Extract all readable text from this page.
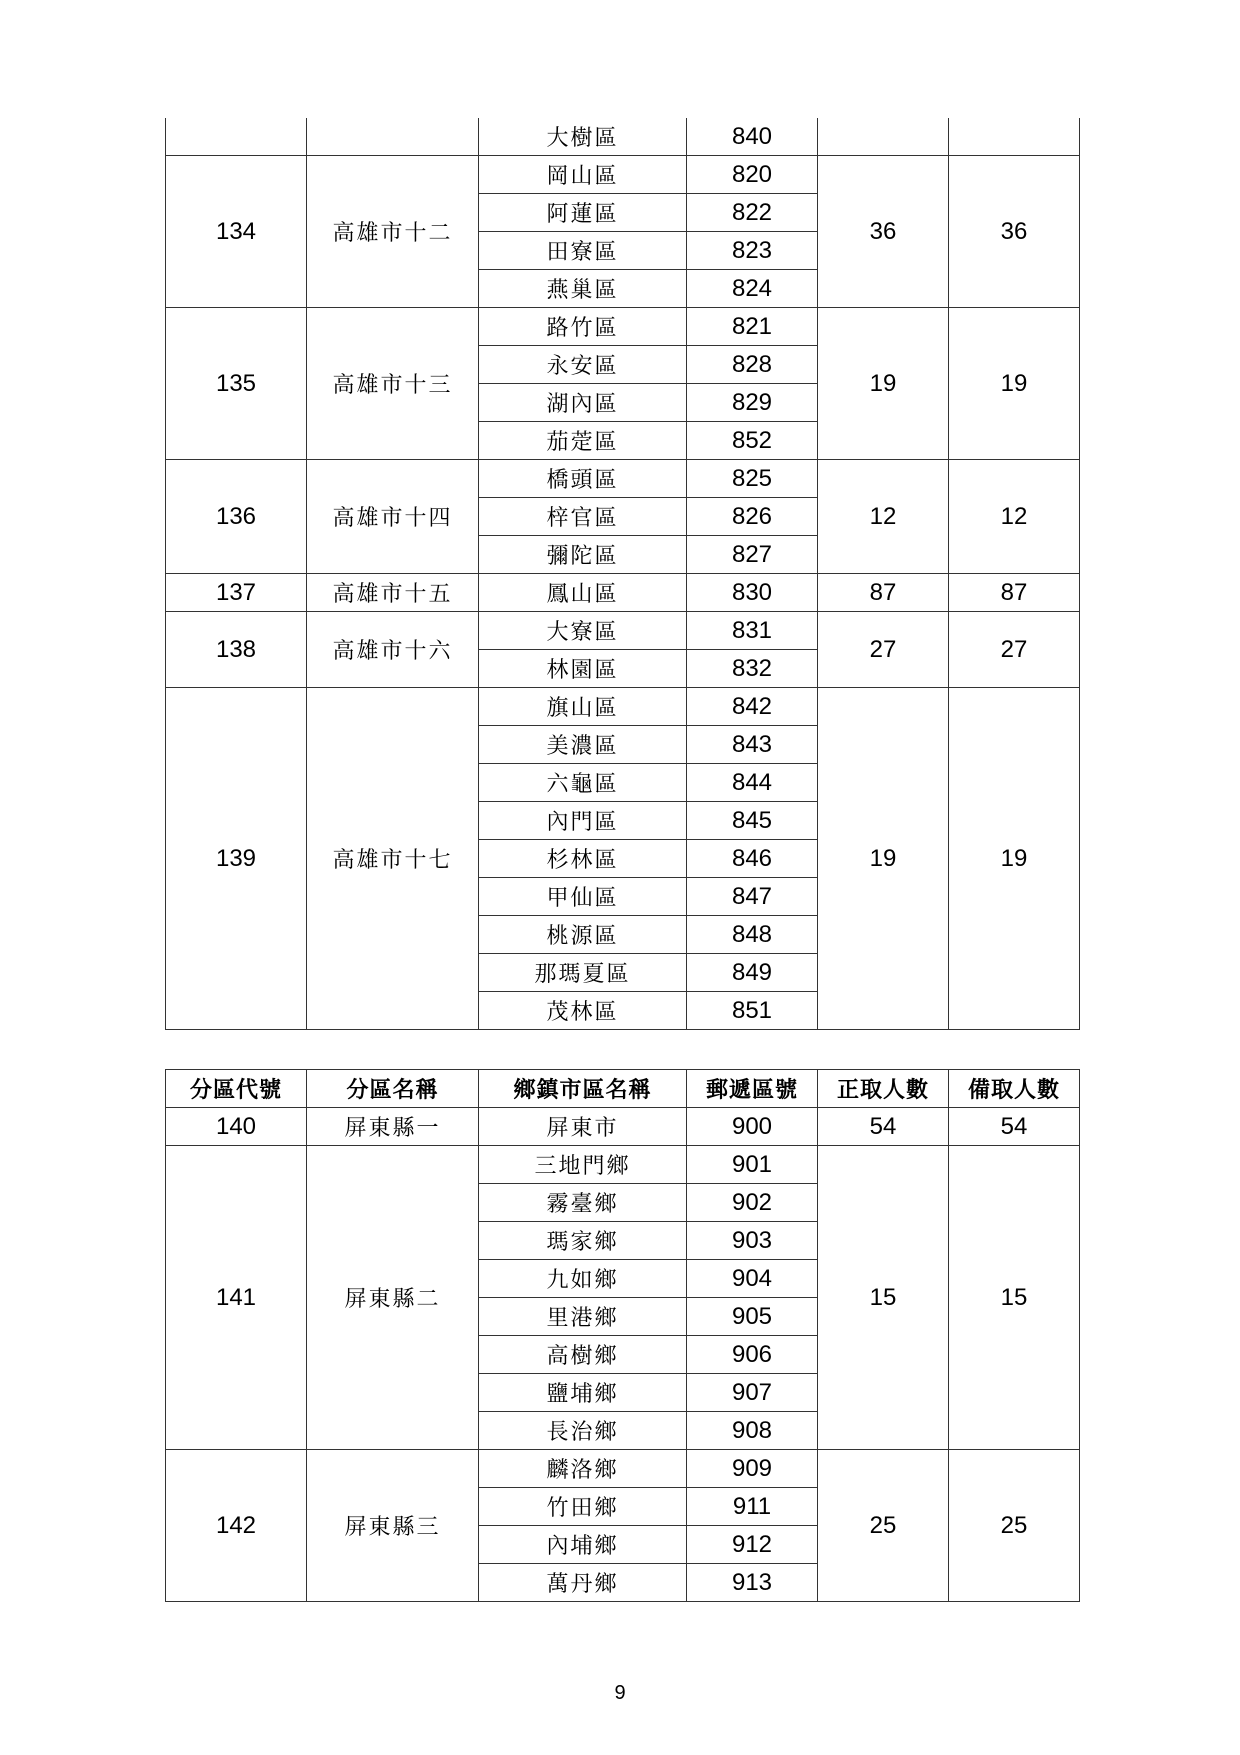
		大樹區	840		
134	高雄市十二	岡山區	820	36	36
		阿蓮區	822		
		田寮區	823		
		燕巢區	824		
135	高雄市十三	路竹區	821	19	19
		永安區	828		
		湖內區	829		
		茄萣區	852		
136	高雄市十四	橋頭區	825	12	12
		梓官區	826		
		彌陀區	827		
137	高雄市十五	鳳山區	830	87	87
138	高雄市十六	大寮區	831	27	27
		林園區	832		
139	高雄市十七	旗山區	842	19	19
		美濃區	843		
		六龜區	844		
		內門區	845		
		杉林區	846		
		甲仙區	847		
		桃源區	848		
		那瑪夏區	849		
		茂林區	851		
分區代號	分區名稱	鄉鎮市區名稱	郵遞區號	正取人數	備取人數
140	屏東縣一	屏東市	900	54	54
141	屏東縣二	三地門鄉	901	15	15
		霧臺鄉	902		
		瑪家鄉	903		
		九如鄉	904		
		里港鄉	905		
		高樹鄉	906		
		鹽埔鄉	907		
		長治鄉	908		
142	屏東縣三	麟洛鄉	909	25	25
		竹田鄉	911		
		內埔鄉	912		
		萬丹鄉	913		
9
